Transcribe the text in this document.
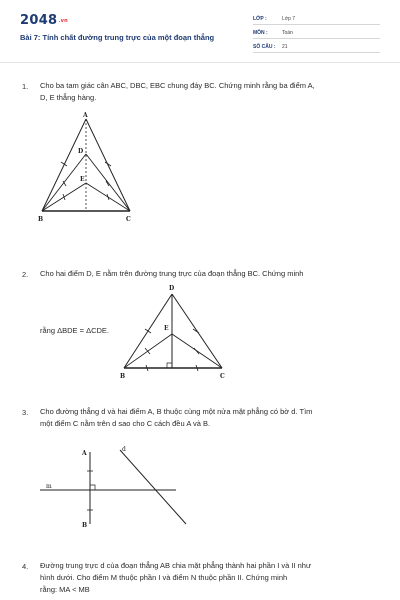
$2048^{.vn}$
Bài 7: Tính chất đường trung trực của một đoạn thẳng
LỚP :	Lớp 7
MÔN :	Toán
SỐ CÂU : 21
1. Cho ba tam giác cân ABC, DBC, EBC chung đáy BC. Chứng minh rằng ba điểm A,
D, E thẳng hàng.
A
D
E
B	C
2. Cho hai điểm D, E nằm trên đường trung trực của đoạn thẳng BC. Chứng minh
rằng ΔBDE = ΔCDE.
D
E
B	C
3. Cho đường thẳng d và hai điểm A, B thuộc cùng một nửa mặt phẳng có bờ d. Tìm
một điểm C nằm trên d sao cho C cách đều A và B.
A
B
d
m
4. Đường trung trực d của đoạn thẳng AB chia mặt phẳng thành hai phần I và II như
hình dưới. Cho điểm M thuộc phần I và điểm N thuộc phần II. Chứng minh
rằng: MA < MB
